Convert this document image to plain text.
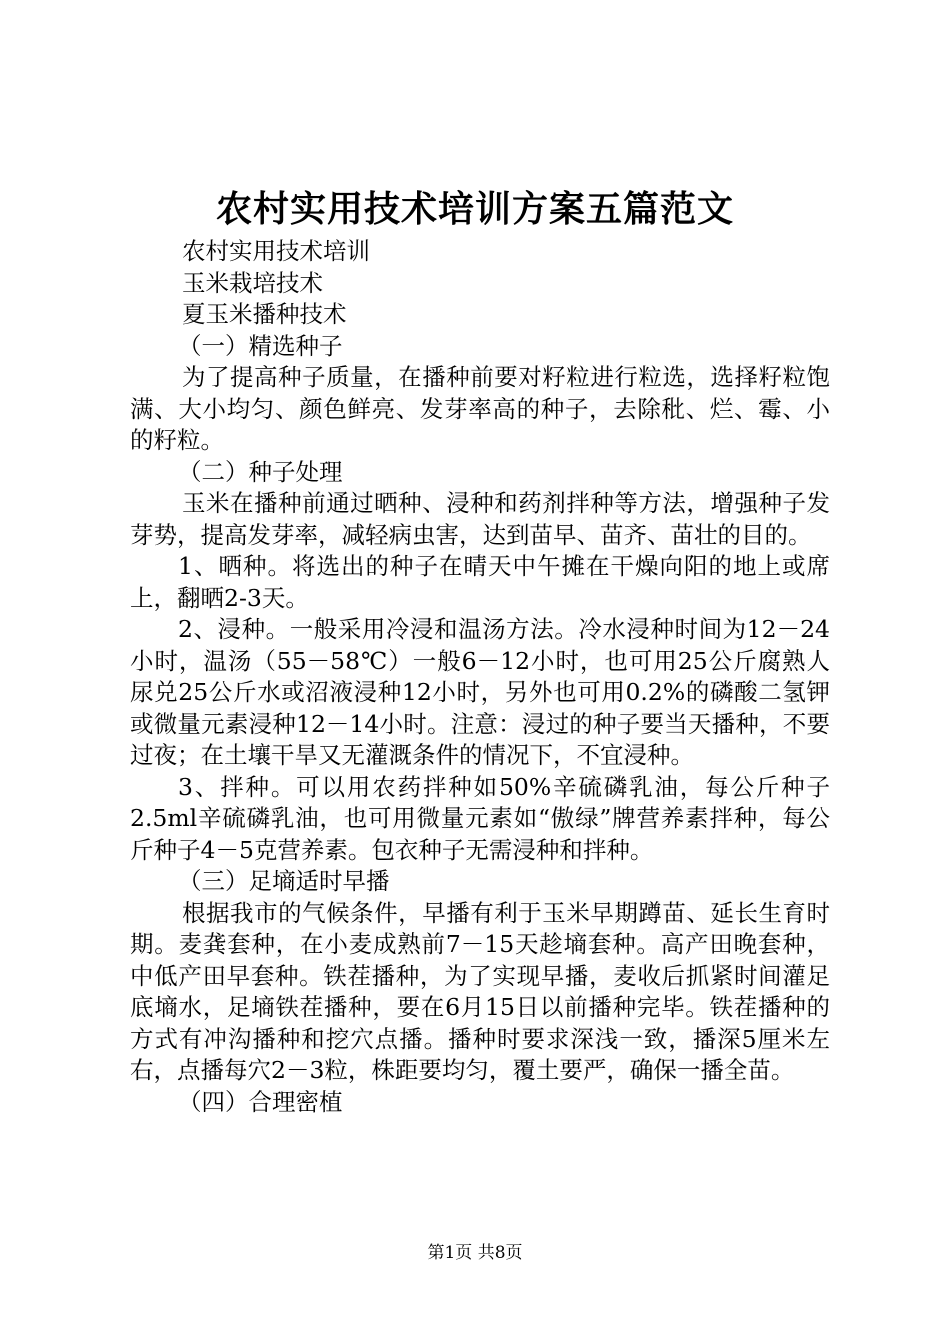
农村实用技术培训方案五篇范文

农村实用技术培训

玉米栽培技术

夏玉米播种技术

（一）精选种子

为了提高种子质量，在播种前要对籽粒进行粒选，选择籽粒饱满、大小均匀、颜色鲜亮、发芽率高的种子，去除秕、烂、霉、小的籽粒。

（二）种子处理

玉米在播种前通过晒种、浸种和药剂拌种等方法，增强种子发芽势，提高发芽率，减轻病虫害，达到苗早、苗齐、苗壮的目的。

1、晒种。将选出的种子在晴天中午摊在干燥向阳的地上或席上，翻晒2-3天。

2、浸种。一般采用冷浸和温汤方法。冷水浸种时间为12－24小时，温汤（55－58℃）一般6－12小时，也可用25公斤腐熟人尿兑25公斤水或沼液浸种12小时，另外也可用0.2%的磷酸二氢钾或微量元素浸种12－14小时。注意：浸过的种子要当天播种，不要过夜；在土壤干旱又无灌溉条件的情况下，不宜浸种。

3、拌种。可以用农药拌种如50%辛硫磷乳油，每公斤种子2.5ml辛硫磷乳油，也可用微量元素如“傲绿”牌营养素拌种，每公斤种子4－5克营养素。包衣种子无需浸种和拌种。

（三）足墒适时早播

根据我市的气候条件，早播有利于玉米早期蹲苗、延长生育时期。麦龚套种，在小麦成熟前7－15天趁墒套种。高产田晚套种，中低产田早套种。铁茬播种，为了实现早播，麦收后抓紧时间灌足底墒水，足墒铁茬播种，要在6月15日以前播种完毕。铁茬播种的方式有冲沟播种和挖穴点播。播种时要求深浅一致，播深5厘米左右，点播每穴2－3粒，株距要均匀，覆土要严，确保一播全苗。

（四）合理密植

第1页 共8页
